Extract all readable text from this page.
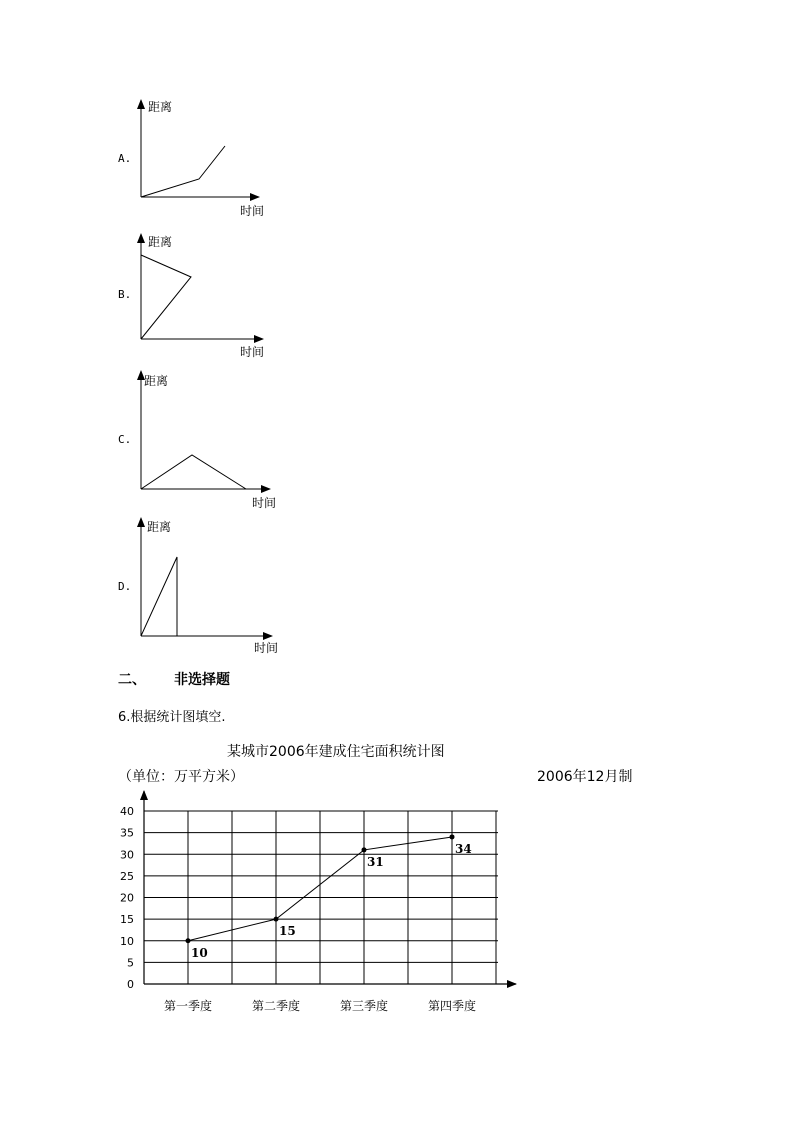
A.
距离
时间
B.
距离
时间
C.
距离
时间
D.
距离
时间
二、 非选择题
6.根据统计图填空.
某城市2006年建成住宅面积统计图
（单位：万平方米）	2006年12月制
0
5
10
15
20
25
30
35
40
第一季度	第二季度	第三季度	第四季度
10
15
31
34
